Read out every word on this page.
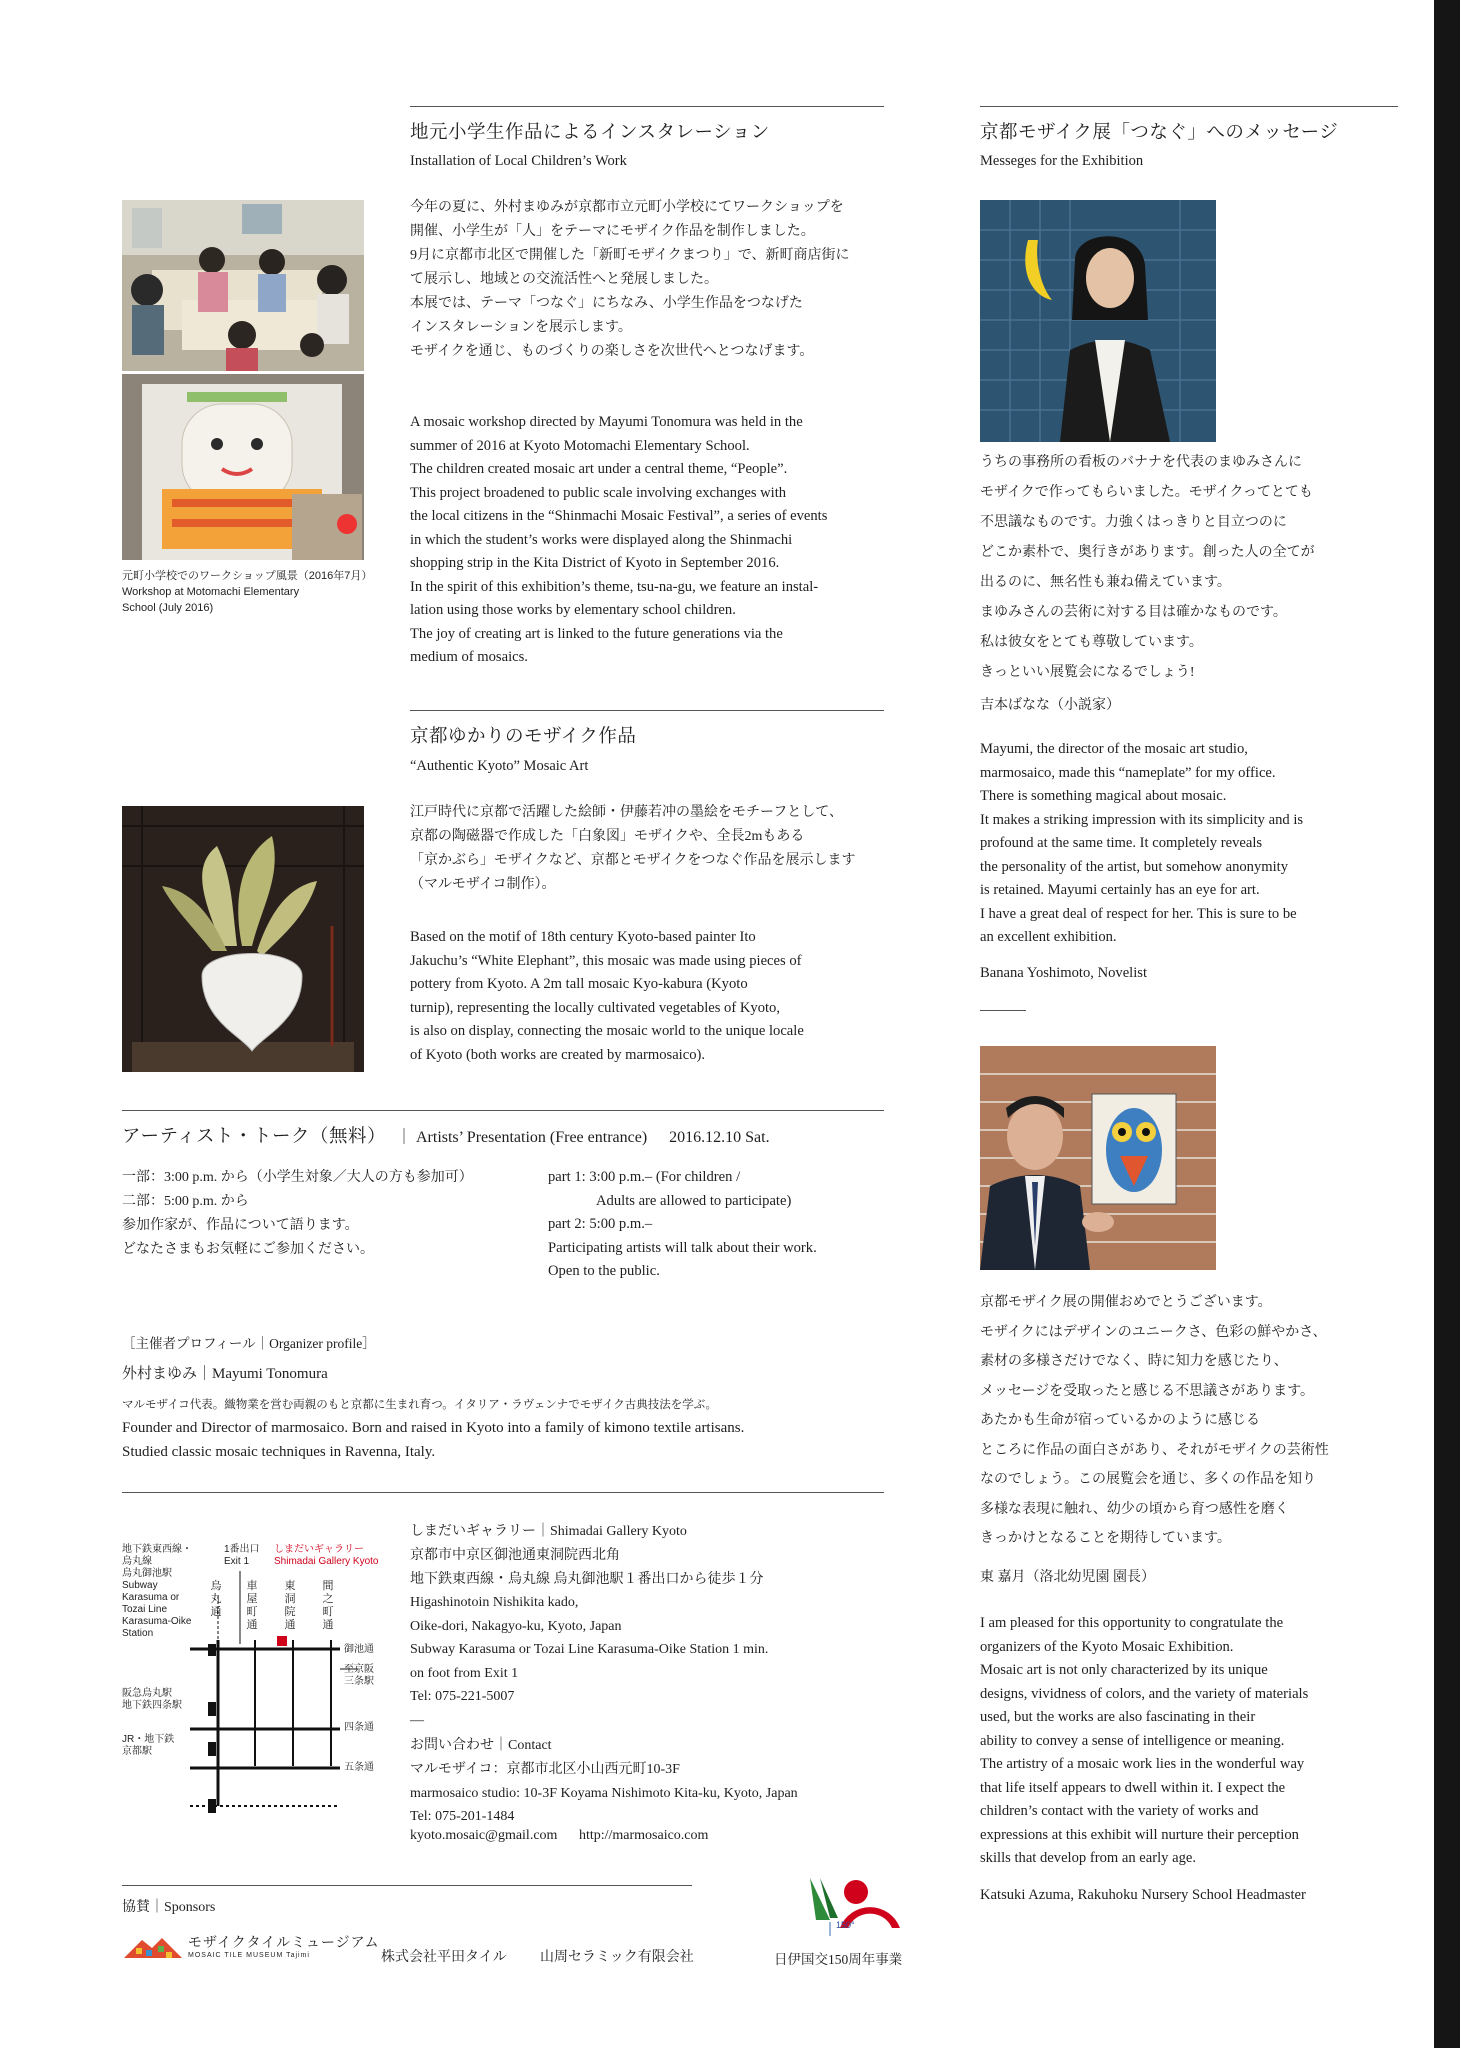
地元小学生作品によるインスタレーション
Installation of Local Children’s Work
今年の夏に、外村まゆみが京都市立元町小学校にてワークショップを
開催、小学生が「人」をテーマにモザイク作品を制作しました。
9月に京都市北区で開催した「新町モザイクまつり」で、新町商店街に
て展示し、地域との交流活性へと発展しました。
本展では、テーマ「つなぐ」にちなみ、小学生作品をつなげた
インスタレーションを展示します。
モザイクを通じ、ものづくりの楽しさを次世代へとつなげます。
A mosaic workshop directed by Mayumi Tonomura was held in the
summer of 2016 at Kyoto Motomachi Elementary School.
The children created mosaic art under a central theme, “People”.
This project broadened to public scale involving exchanges with
the local citizens in the “Shinmachi Mosaic Festival”, a series of events
in which the student’s works were displayed along the Shinmachi
shopping strip in the Kita District of Kyoto in September 2016.
In the spirit of this exhibition’s theme, tsu-na-gu, we feature an instal-
lation using those works by elementary school children.
The joy of creating art is linked to the future generations via the
medium of mosaics.
元町小学校でのワークショップ風景（2016年7月）
Workshop at Motomachi Elementary
School (July 2016)
京都ゆかりのモザイク作品
“Authentic Kyoto” Mosaic Art
江戸時代に京都で活躍した絵師・伊藤若冲の墨絵をモチーフとして、
京都の陶磁器で作成した「白象図」モザイクや、全長2mもある
「京かぶら」モザイクなど、京都とモザイクをつなぐ作品を展示します
（マルモザイコ制作）。
Based on the motif of 18th century Kyoto-based painter Ito
Jakuchu’s “White Elephant”, this mosaic was made using pieces of
pottery from Kyoto. A 2m tall mosaic Kyo-kabura (Kyoto
turnip), representing the locally cultivated vegetables of Kyoto,
is also on display, connecting the mosaic world to the unique locale
of Kyoto (both works are created by marmosaico).
アーティスト・トーク（無料） ｜ Artists’ Presentation (Free entrance) 2016.12.10 Sat.
一部：3:00 p.m. から（小学生対象／大人の方も参加可）
二部：5:00 p.m. から
参加作家が、作品について語ります。
どなたさまもお気軽にご参加ください。
part 1: 3:00 p.m.– (For children /
Adults are allowed to participate)
part 2: 5:00 p.m.–
Participating artists will talk about their work.
Open to the public.
［主催者プロフィール｜Organizer profile］
外村まゆみ｜Mayumi Tonomura
マルモザイコ代表。織物業を営む両親のもと京都に生まれ育つ。イタリア・ラヴェンナでモザイク古典技法を学ぶ。
Founder and Director of marmosaico. Born and raised in Kyoto into a family of kimono textile artisans.
Studied classic mosaic techniques in Ravenna, Italy.
地下鉄東西線・
烏丸線
烏丸御池駅
Subway
Karasuma or
Tozai Line
Karasuma-Oike
Station
1番出口
Exit 1
しまだいギャラリー
Shimadai Gallery Kyoto
烏丸通
車屋町通
東洞院通
間之町通
御池通
至京阪
三条駅
阪急烏丸駅
地下鉄四条駅
四条通
JR・地下鉄
京都駅
五条通
しまだいギャラリー｜Shimadai Gallery Kyoto
京都市中京区御池通東洞院西北角
地下鉄東西線・烏丸線 烏丸御池駅１番出口から徒歩１分
Higashinotoin Nishikita kado,
Oike-dori, Nakagyo-ku, Kyoto, Japan
Subway Karasuma or Tozai Line Karasuma-Oike Station 1 min.
on foot from Exit 1
Tel: 075-221-5007
—
お問い合わせ｜Contact
マルモザイコ：京都市北区小山西元町10-3F
marmosaico studio: 10-3F Koyama Nishimoto Kita-ku, Kyoto, Japan
Tel: 075-201-1484
kyoto.mosaic@gmail.com http://marmosaico.com
協賛｜Sponsors
モザイクタイルミュージアム
MOSAIC TILE MUSEUM Tajimi	株式会社平田タイル 山周セラミック有限会社
150°
日伊国交150周年事業
京都モザイク展「つなぐ」へのメッセージ
Messeges for the Exhibition
うちの事務所の看板のバナナを代表のまゆみさんに
モザイクで作ってもらいました。モザイクってとても
不思議なものです。力強くはっきりと目立つのに
どこか素朴で、奥行きがあります。創った人の全てが
出るのに、無名性も兼ね備えています。
まゆみさんの芸術に対する目は確かなものです。
私は彼女をとても尊敬しています。
きっといい展覧会になるでしょう!
吉本ばなな（小説家）
Mayumi, the director of the mosaic art studio,
marmosaico, made this “nameplate” for my office.
There is something magical about mosaic.
It makes a striking impression with its simplicity and is
profound at the same time. It completely reveals
the personality of the artist, but somehow anonymity
is retained. Mayumi certainly has an eye for art.
I have a great deal of respect for her. This is sure to be
an excellent exhibition.
Banana Yoshimoto, Novelist
京都モザイク展の開催おめでとうございます。
モザイクにはデザインのユニークさ、色彩の鮮やかさ、
素材の多様さだけでなく、時に知力を感じたり、
メッセージを受取ったと感じる不思議さがあります。
あたかも生命が宿っているかのように感じる
ところに作品の面白さがあり、それがモザイクの芸術性
なのでしょう。この展覧会を通じ、多くの作品を知り
多様な表現に触れ、幼少の頃から育つ感性を磨く
きっかけとなることを期待しています。
東 嘉月（洛北幼児園 園長）
I am pleased for this opportunity to congratulate the
organizers of the Kyoto Mosaic Exhibition.
Mosaic art is not only characterized by its unique
designs, vividness of colors, and the variety of materials
used, but the works are also fascinating in their
ability to convey a sense of intelligence or meaning.
The artistry of a mosaic work lies in the wonderful way
that life itself appears to dwell within it. I expect the
children’s contact with the variety of works and
expressions at this exhibit will nurture their perception
skills that develop from an early age.
Katsuki Azuma, Rakuhoku Nursery School Headmaster
